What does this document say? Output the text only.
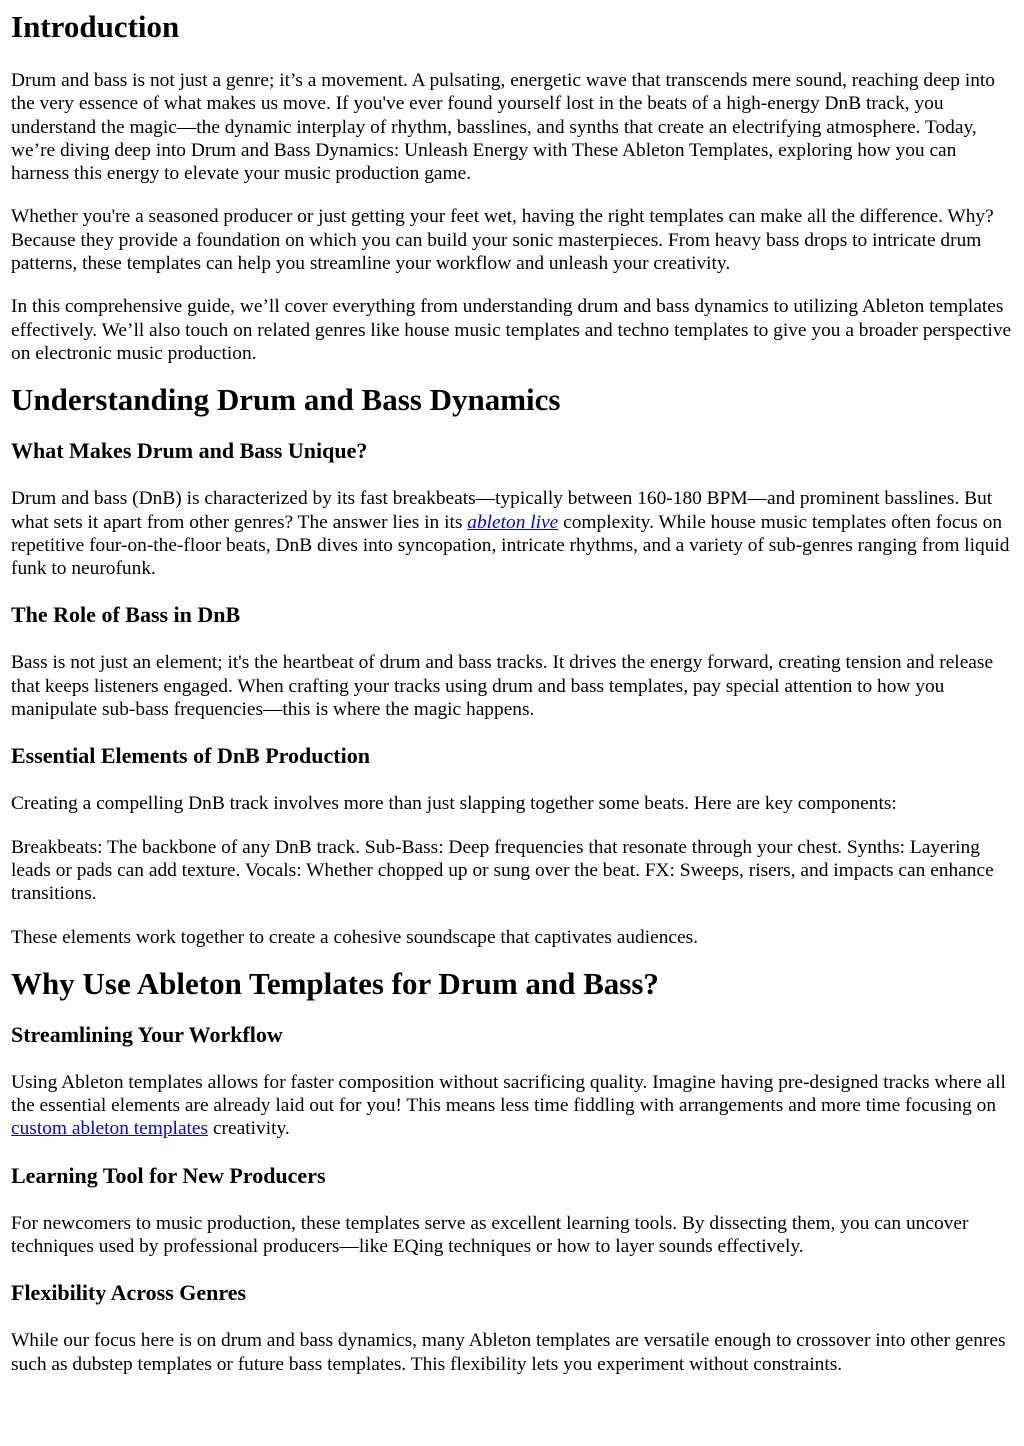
Introduction

Drum and bass is not just a genre; it’s a movement. A pulsating, energetic wave that transcends mere sound, reaching deep into the very essence of what makes us move. If you've ever found yourself lost in the beats of a high-energy DnB track, you understand the magic—the dynamic interplay of rhythm, basslines, and synths that create an electrifying atmosphere. Today, we’re diving deep into Drum and Bass Dynamics: Unleash Energy with These Ableton Templates, exploring how you can harness this energy to elevate your music production game.

Whether you're a seasoned producer or just getting your feet wet, having the right templates can make all the difference. Why? Because they provide a foundation on which you can build your sonic masterpieces. From heavy bass drops to intricate drum patterns, these templates can help you streamline your workflow and unleash your creativity.

In this comprehensive guide, we’ll cover everything from understanding drum and bass dynamics to utilizing Ableton templates effectively. We’ll also touch on related genres like house music templates and techno templates to give you a broader perspective on electronic music production.

Understanding Drum and Bass Dynamics
What Makes Drum and Bass Unique?

Drum and bass (DnB) is characterized by its fast breakbeats—typically between 160-180 BPM—and prominent basslines. But what sets it apart from other genres? The answer lies in its ableton live complexity. While house music templates often focus on repetitive four-on-the-floor beats, DnB dives into syncopation, intricate rhythms, and a variety of sub-genres ranging from liquid funk to neurofunk.

The Role of Bass in DnB

Bass is not just an element; it's the heartbeat of drum and bass tracks. It drives the energy forward, creating tension and release that keeps listeners engaged. When crafting your tracks using drum and bass templates, pay special attention to how you manipulate sub-bass frequencies—this is where the magic happens.

Essential Elements of DnB Production

Creating a compelling DnB track involves more than just slapping together some beats. Here are key components:

Breakbeats: The backbone of any DnB track. Sub-Bass: Deep frequencies that resonate through your chest. Synths: Layering leads or pads can add texture. Vocals: Whether chopped up or sung over the beat. FX: Sweeps, risers, and impacts can enhance transitions.

These elements work together to create a cohesive soundscape that captivates audiences.

Why Use Ableton Templates for Drum and Bass?
Streamlining Your Workflow

Using Ableton templates allows for faster composition without sacrificing quality. Imagine having pre-designed tracks where all the essential elements are already laid out for you! This means less time fiddling with arrangements and more time focusing on custom ableton templates creativity.

Learning Tool for New Producers

For newcomers to music production, these templates serve as excellent learning tools. By dissecting them, you can uncover techniques used by professional producers—like EQing techniques or how to layer sounds effectively.

Flexibility Across Genres

While our focus here is on drum and bass dynamics, many Ableton templates are versatile enough to crossover into other genres such as dubstep templates or future bass templates. This flexibility lets you experiment without constraints.
